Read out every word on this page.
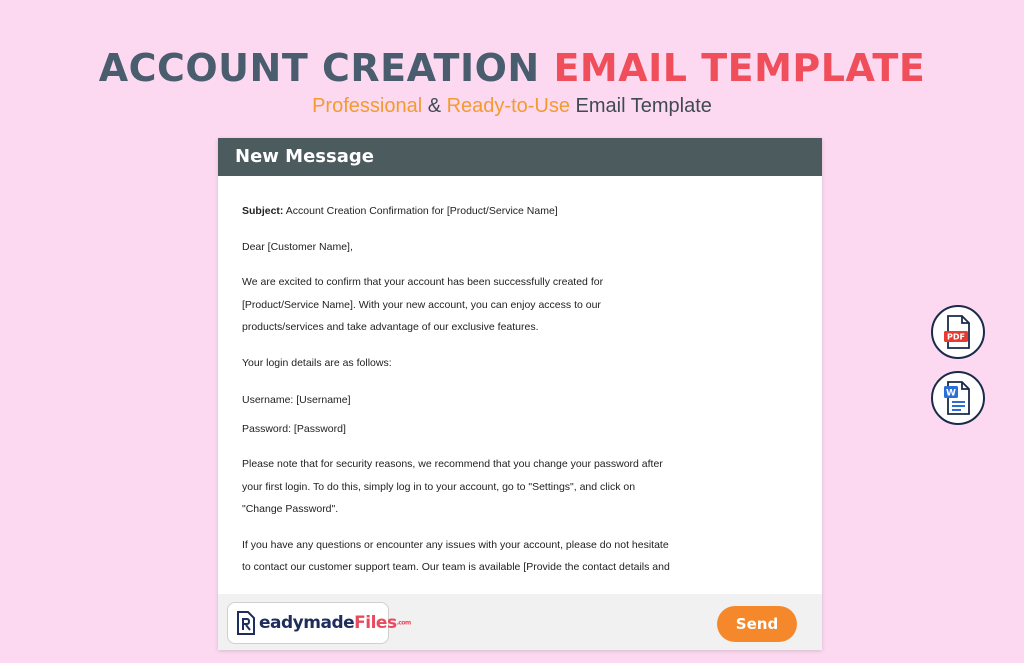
ACCOUNT CREATION EMAIL TEMPLATE
Professional & Ready-to-Use Email Template
New Message

Subject: Account Creation Confirmation for [Product/Service Name]

Dear [Customer Name],

We are excited to confirm that your account has been successfully created for
[Product/Service Name]. With your new account, you can enjoy access to our
products/services and take advantage of our exclusive features.

Your login details are as follows:

Username: [Username]

Password: [Password]

Please note that for security reasons, we recommend that you change your password after
your first login. To do this, simply log in to your account, go to "Settings", and click on
"Change Password".

If you have any questions or encounter any issues with your account, please do not hesitate
to contact our customer support team. Our team is available [Provide the contact details and

eadymadeFiles.com	Send
PDF
W
